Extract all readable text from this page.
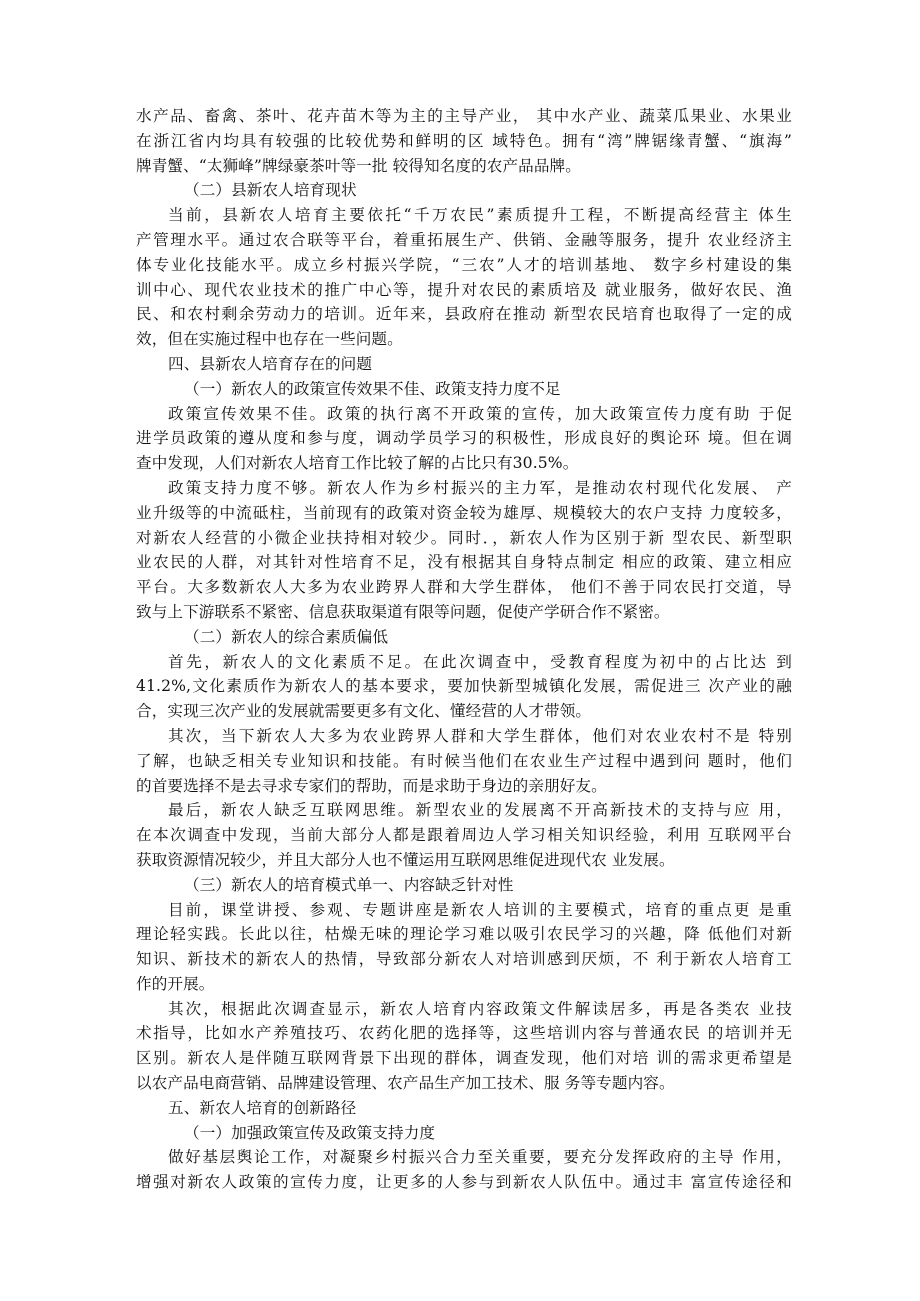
水产品、畜禽、茶叶、花卉苗木等为主的主导产业， 其中水产业、蔬菜瓜果业、水果业
在浙江省内均具有较强的比较优势和鲜明的区 域特色。拥有“湾”牌锯缘青蟹、“旗海”
牌青蟹、“太狮峰”牌绿豪茶叶等一批 较得知名度的农产品品牌。
（二）县新农人培育现状
当前，县新农人培育主要依托“千万农民”素质提升工程，不断提高经营主 体生
产管理水平。通过农合联等平台，着重拓展生产、供销、金融等服务，提升 农业经济主
体专业化技能水平。成立乡村振兴学院，“三农”人才的培训基地、 数字乡村建设的集
训中心、现代农业技术的推广中心等，提升对农民的素质培及 就业服务，做好农民、渔
民、和农村剩余劳动力的培训。近年来，县政府在推动 新型农民培育也取得了一定的成
效，但在实施过程中也存在一些问题。
四、县新农人培育存在的问题
（一）新农人的政策宣传效果不佳、政策支持力度不足
政策宣传效果不佳。政策的执行离不开政策的宣传，加大政策宣传力度有助 于促
进学员政策的遵从度和参与度，调动学员学习的积极性，形成良好的舆论环 境。但在调
查中发现，人们对新农人培育工作比较了解的占比只有30.5%。
政策支持力度不够。新农人作为乡村振兴的主力军，是推动农村现代化发展、 产
业升级等的中流砥柱，当前现有的政策对资金较为雄厚、规模较大的农户支持 力度较多，
对新农人经营的小微企业扶持相对较少。同时．，新农人作为区别于新 型农民、新型职
业农民的人群，对其针对性培育不足，没有根据其自身特点制定 相应的政策、建立相应
平台。大多数新农人大多为农业跨界人群和大学生群体， 他们不善于同农民打交道，导
致与上下游联系不紧密、信息获取渠道有限等问题，促使产学研合作不紧密。
（二）新农人的综合素质偏低
首先，新农人的文化素质不足。在此次调查中，受教育程度为初中的占比达 到
41.2%,文化素质作为新农人的基本要求，要加快新型城镇化发展，需促进三 次产业的融
合，实现三次产业的发展就需要更多有文化、懂经营的人才带领。
其次，当下新农人大多为农业跨界人群和大学生群体，他们对农业农村不是 特别
了解，也缺乏相关专业知识和技能。有时候当他们在农业生产过程中遇到问 题时，他们
的首要选择不是去寻求专家们的帮助，而是求助于身边的亲朋好友。
最后，新农人缺乏互联网思维。新型农业的发展离不开高新技术的支持与应 用，
在本次调查中发现，当前大部分人都是跟着周边人学习相关知识经验，利用 互联网平台
获取资源情况较少，并且大部分人也不懂运用互联网思维促进现代农 业发展。
（三）新农人的培育模式单一、内容缺乏针对性
目前，课堂讲授、参观、专题讲座是新农人培训的主要模式，培育的重点更 是重
理论轻实践。长此以往，枯燥无味的理论学习难以吸引农民学习的兴趣，降 低他们对新
知识、新技术的新农人的热情，导致部分新农人对培训感到厌烦，不 利于新农人培育工
作的开展。
其次，根据此次调查显示，新农人培育内容政策文件解读居多，再是各类农 业技
术指导，比如水产养殖技巧、农药化肥的选择等，这些培训内容与普通农民 的培训并无
区别。新农人是伴随互联网背景下出现的群体，调查发现，他们对培 训的需求更希望是
以农产品电商营销、品牌建设管理、农产品生产加工技术、服 务等专题内容。
五、新农人培育的创新路径
（一）加强政策宣传及政策支持力度
做好基层舆论工作，对凝聚乡村振兴合力至关重要，要充分发挥政府的主导 作用，
增强对新农人政策的宣传力度，让更多的人参与到新农人队伍中。通过丰 富宣传途径和
